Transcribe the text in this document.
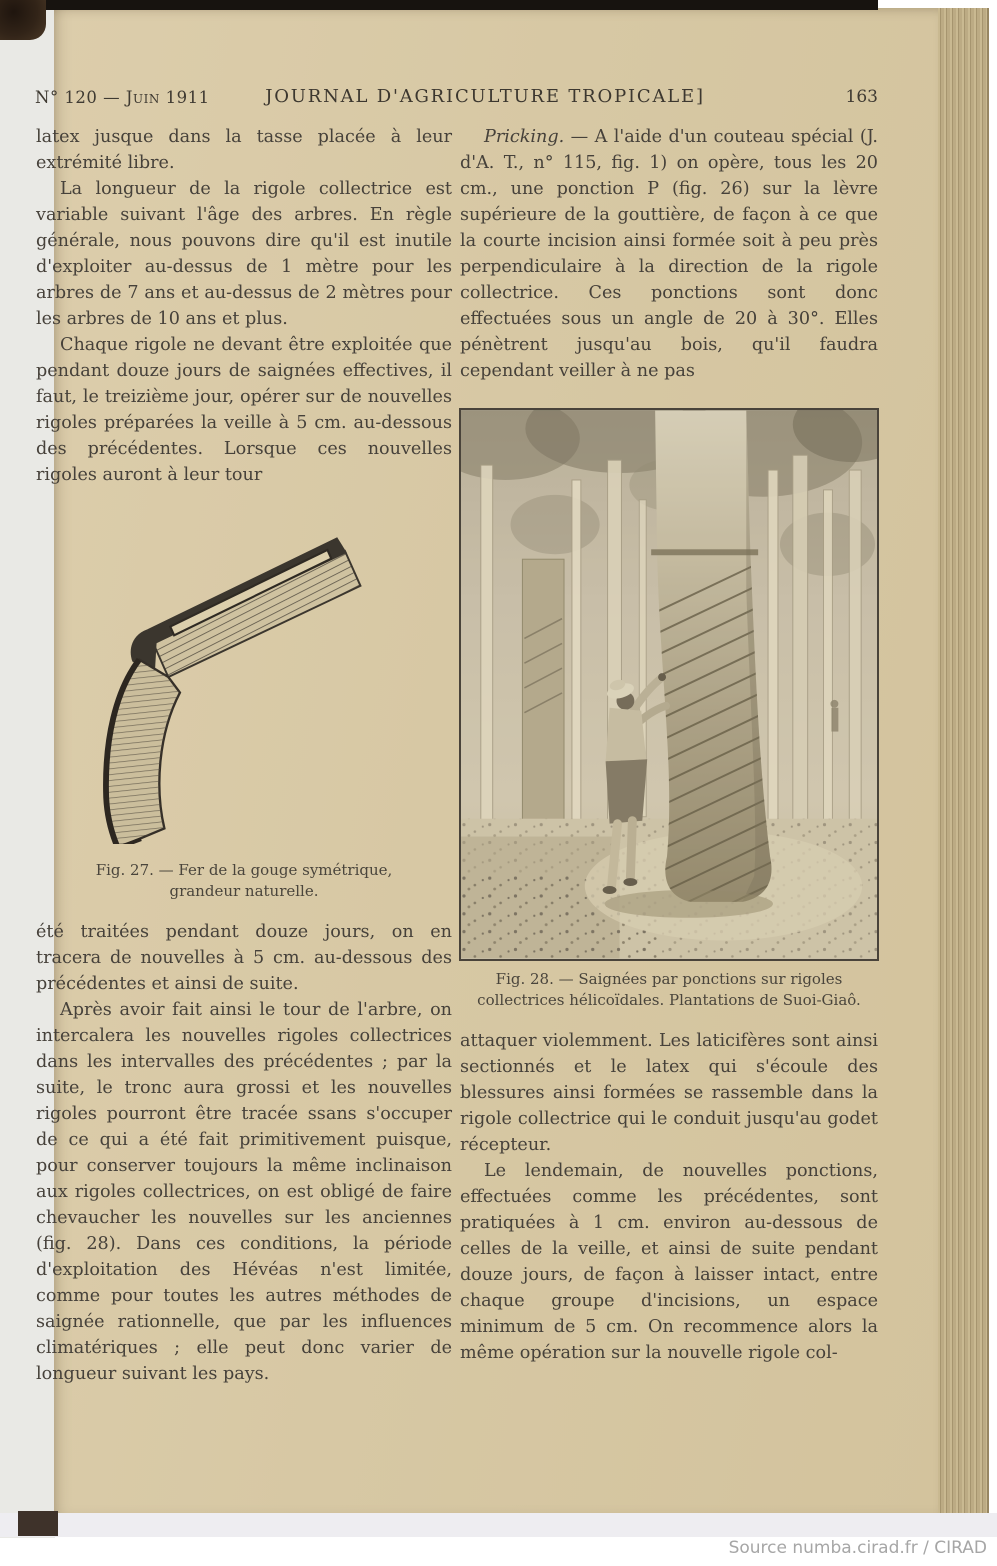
N° 120 — Juin 1911	JOURNAL D'AGRICULTURE TROPICALE]	163

latex jusque dans la tasse placée à leur extrémité libre.

La longueur de la rigole collectrice est variable suivant l'âge des arbres. En règle générale, nous pouvons dire qu'il est inutile d'exploiter au-dessus de 1 mètre pour les arbres de 7 ans et au-dessus de 2 mètres pour les arbres de 10 ans et plus.

Chaque rigole ne devant être exploitée que pendant douze jours de saignées effectives, il faut, le treizième jour, opérer sur de nouvelles rigoles préparées la veille à 5 cm. au-dessous des précédentes. Lorsque ces nouvelles rigoles auront à leur tour

Fig. 27. — Fer de la gouge symétrique,
grandeur naturelle.

été traitées pendant douze jours, on en tracera de nouvelles à 5 cm. au-dessous des précédentes et ainsi de suite.

Après avoir fait ainsi le tour de l'arbre, on intercalera les nouvelles rigoles collectrices dans les intervalles des précédentes ; par la suite, le tronc aura grossi et les nouvelles rigoles pourront être tracée ssans s'occuper de ce qui a été fait primitivement puisque, pour conserver toujours la même inclinaison aux rigoles collectrices, on est obligé de faire chevaucher les nouvelles sur les anciennes (fig. 28). Dans ces conditions, la période d'exploitation des Hévéas n'est limitée, comme pour toutes les autres méthodes de saignée rationnelle, que par les influences climatériques ; elle peut donc varier de longueur suivant les pays.

Pricking. — A l'aide d'un couteau spécial (J. d'A. T., n° 115, fig. 1) on opère, tous les 20 cm., une ponction P (fig. 26) sur la lèvre supérieure de la gouttière, de façon à ce que la courte incision ainsi formée soit à peu près perpendiculaire à la direction de la rigole collectrice. Ces ponctions sont donc effectuées sous un angle de 20 à 30°. Elles pénètrent jusqu'au bois, qu'il faudra cependant veiller à ne pas

Fig. 28. — Saignées par ponctions sur rigoles
collectrices hélicoïdales. Plantations de Suoi-Giaô.

attaquer violemment. Les laticifères sont ainsi sectionnés et le latex qui s'écoule des blessures ainsi formées se rassemble dans la rigole collectrice qui le conduit jusqu'au godet récepteur.

Le lendemain, de nouvelles ponctions, effectuées comme les précédentes, sont pratiquées à 1 cm. environ au-dessous de celles de la veille, et ainsi de suite pendant douze jours, de façon à laisser intact, entre chaque groupe d'incisions, un espace minimum de 5 cm. On recommence alors la même opération sur la nouvelle rigole col-

Source numba.cirad.fr / CIRAD
